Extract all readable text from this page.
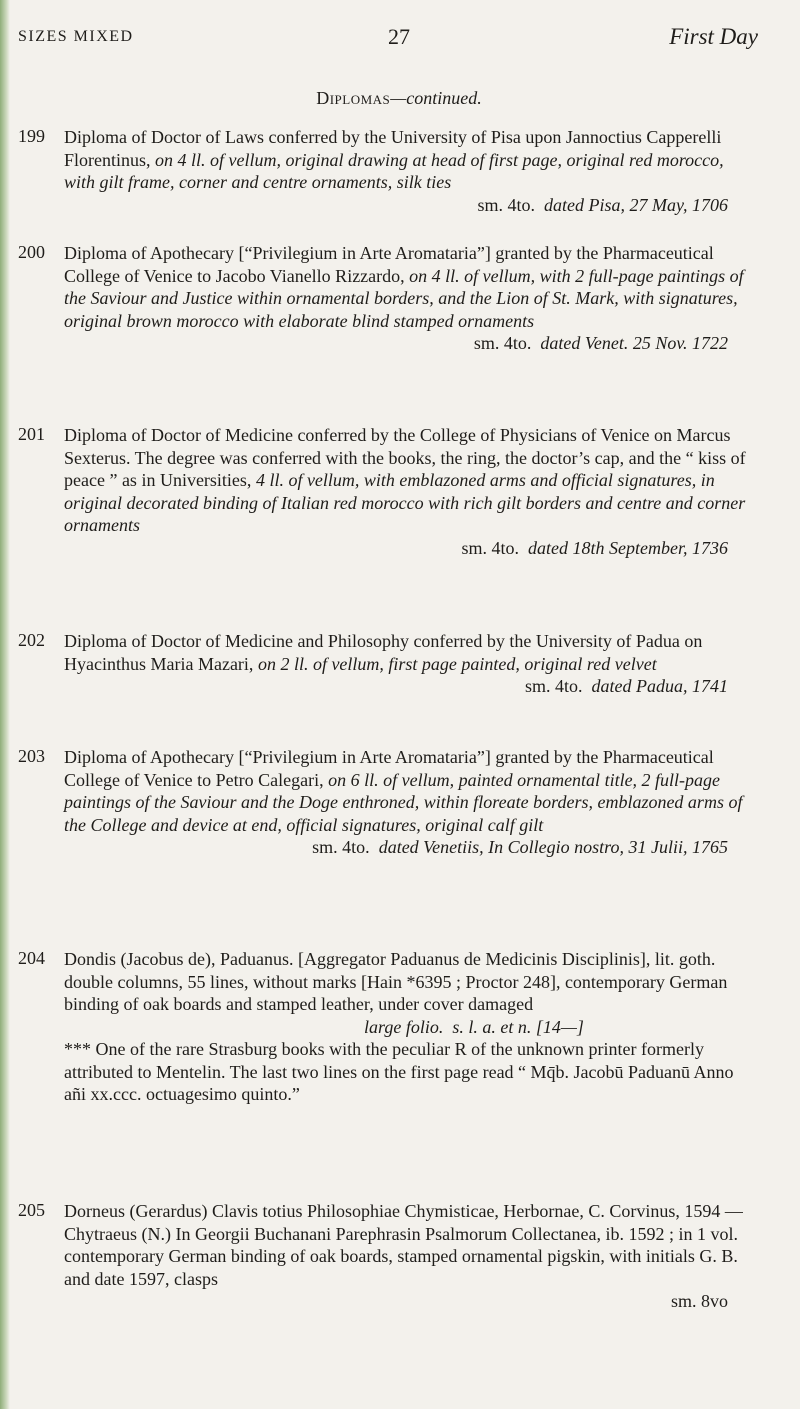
SIZES MIXED	27	First Day
Diplomas—continued.
199 Diploma of Doctor of Laws conferred by the University of Pisa upon Jannoctius Capperelli Florentinus, on 4 ll. of vellum, original drawing at head of first page, original red morocco, with gilt frame, corner and centre ornaments, silk ties

sm. 4to. dated Pisa, 27 May, 1706

200 Diploma of Apothecary [“Privilegium in Arte Aromataria”] granted by the Pharmaceutical College of Venice to Jacobo Vianello Rizzardo, on 4 ll. of vellum, with 2 full-page paintings of the Saviour and Justice within ornamental borders, and the Lion of St. Mark, with signatures, original brown morocco with elaborate blind stamped ornaments

sm. 4to. dated Venet. 25 Nov. 1722

201 Diploma of Doctor of Medicine conferred by the College of Physicians of Venice on Marcus Sexterus. The degree was conferred with the books, the ring, the doctor’s cap, and the “ kiss of peace ” as in Universities, 4 ll. of vellum, with emblazoned arms and official signatures, in original decorated binding of Italian red morocco with rich gilt borders and centre and corner ornaments

sm. 4to. dated 18th September, 1736

202 Diploma of Doctor of Medicine and Philosophy conferred by the University of Padua on Hyacinthus Maria Mazari, on 2 ll. of vellum, first page painted, original red velvet

sm. 4to. dated Padua, 1741

203 Diploma of Apothecary [“Privilegium in Arte Aromataria”] granted by the Pharmaceutical College of Venice to Petro Calegari, on 6 ll. of vellum, painted ornamental title, 2 full-page paintings of the Saviour and the Doge enthroned, within floreate borders, emblazoned arms of the College and device at end, official signatures, original calf gilt

sm. 4to. dated Venetiis, In Collegio nostro, 31 Julii, 1765

204 Dondis (Jacobus de), Paduanus. [Aggregator Paduanus de Medicinis Disciplinis], lit. goth. double columns, 55 lines, without marks [Hain *6395 ; Proctor 248], contemporary German binding of oak boards and stamped leather, under cover damaged
large folio. s. l. a. et n. [14—]

*** One of the rare Strasburg books with the peculiar R of the unknown printer formerly attributed to Mentelin. The last two lines on the first page read “ Mq̄b. Jacobū Paduanū Anno añi xx.ccc. octuagesimo quinto.”

205 Dorneus (Gerardus) Clavis totius Philosophiae Chymisticae, Herbornae, C. Corvinus, 1594 — Chytraeus (N.) In Georgii Buchanani Parephrasin Psalmorum Collectanea, ib. 1592 ; in 1 vol. contemporary German binding of oak boards, stamped ornamental pigskin, with initials G. B. and date 1597, clasps

sm. 8vo
